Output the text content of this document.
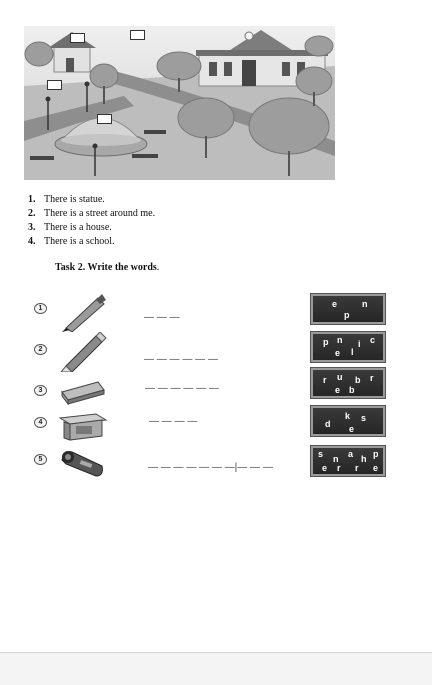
1. There is statue.
2. There is a street around me.
3. There is a house.
4. There is a school.
Task 2. Write the words.
1
— — —
e	n
p
2
— — — — — —
p n i c
e l
3	— — — — — —
r u b r
e b
4	— — — —	k s
d e
5
— — — — — — —|— — —
s n a h p
e r r e
